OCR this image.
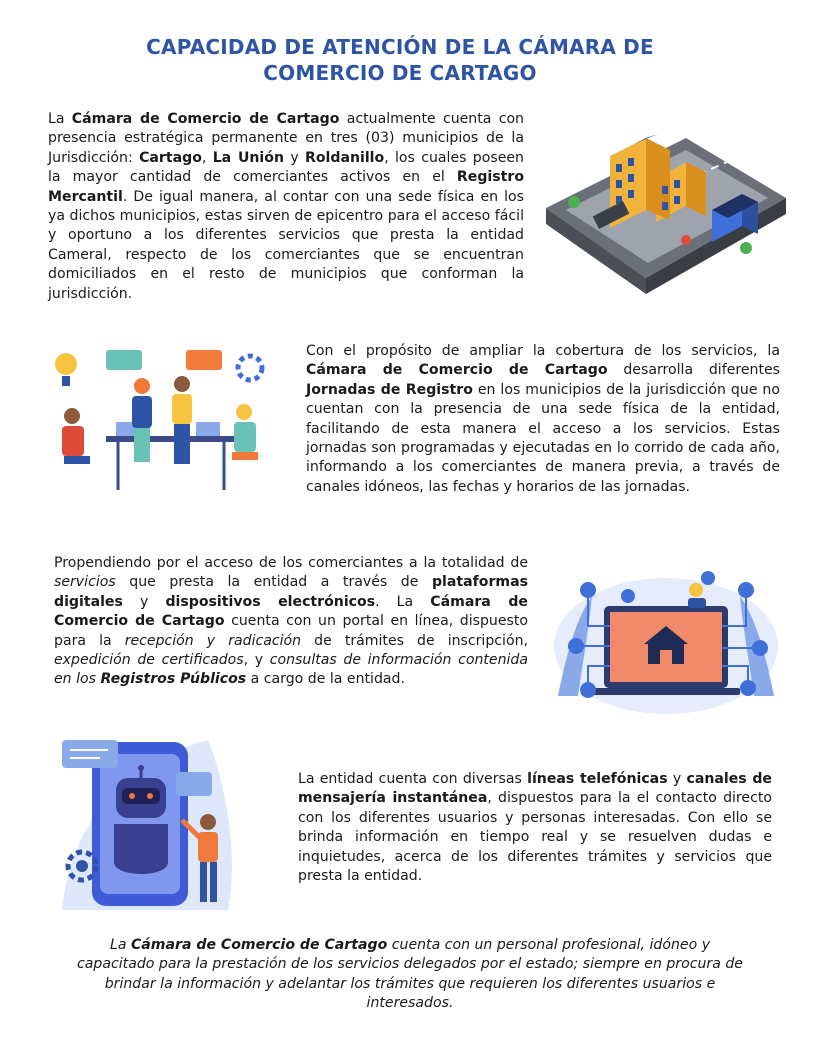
CAPACIDAD DE ATENCIÓN DE LA CÁMARA DE
COMERCIO DE CARTAGO

La Cámara de Comercio de Cartago actualmente cuenta con presencia estratégica permanente en tres (03) municipios de la Jurisdicción: Cartago, La Unión y Roldanillo, los cuales poseen la mayor cantidad de comerciantes activos en el Registro Mercantil. De igual manera, al contar con una sede física en los ya dichos municipios, estas sirven de epicentro para el acceso fácil y oportuno a los diferentes servicios que presta la entidad Cameral, respecto de los comerciantes que se encuentran domiciliados en el resto de municipios que conforman la jurisdicción.

Con el propósito de ampliar la cobertura de los servicios, la Cámara de Comercio de Cartago desarrolla diferentes Jornadas de Registro en los municipios de la jurisdicción que no cuentan con la presencia de una sede física de la entidad, facilitando de esta manera el acceso a los servicios. Estas jornadas son programadas y ejecutadas en lo corrido de cada año, informando a los comerciantes de manera previa, a través de canales idóneos, las fechas y horarios de las jornadas.

Propendiendo por el acceso de los comerciantes a la totalidad de servicios que presta la entidad a través de plataformas digitales y dispositivos electrónicos. La Cámara de Comercio de Cartago cuenta con un portal en línea, dispuesto para la recepción y radicación de trámites de inscripción, expedición de certificados, y consultas de información contenida en los Registros Públicos a cargo de la entidad.

La entidad cuenta con diversas líneas telefónicas y canales de mensajería instantánea, dispuestos para la el contacto directo con los diferentes usuarios y personas interesadas. Con ello se brinda información en tiempo real y se resuelven dudas e inquietudes, acerca de los diferentes trámites y servicios que presta la entidad.

La Cámara de Comercio de Cartago cuenta con un personal profesional, idóneo y capacitado para la prestación de los servicios delegados por el estado; siempre en procura de brindar la información y adelantar los trámites que requieren los diferentes usuarios e interesados.
